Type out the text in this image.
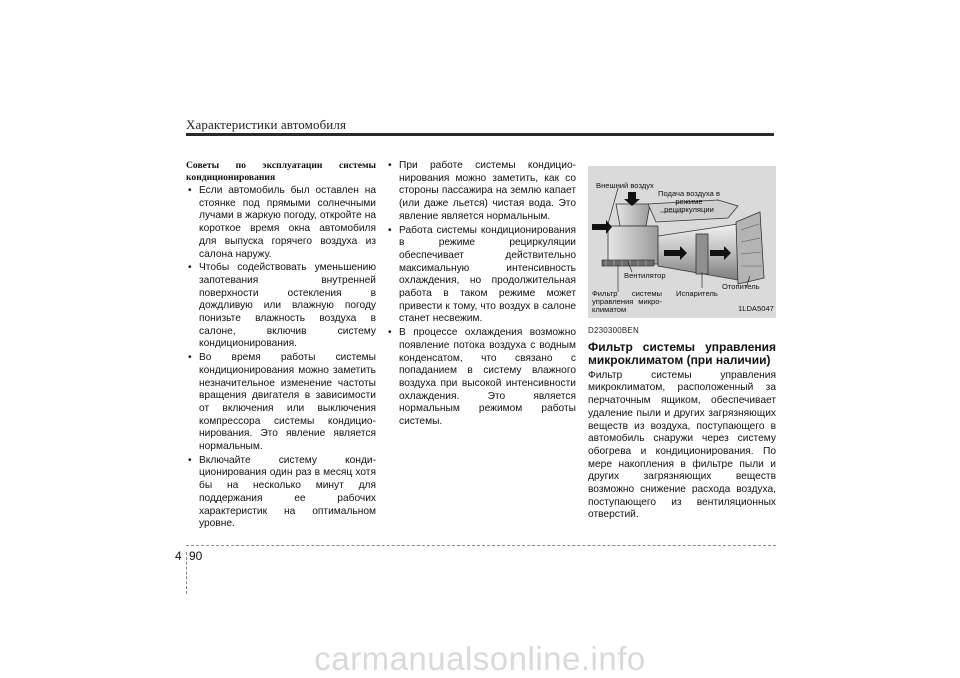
Характеристики автомобиля
Советы по эксплуатации системы кондиционирования
• Если автомобиль был оставлен на стоянке под прямыми солнечными лучами в жаркую погоду, откройте на короткое время окна автомобиля для выпуска горячего воздуха из салона наружу.
• Чтобы содействовать уменьшению запотевания внутренней поверхности остекления в дождливую или влажную погоду понизьте влажность воздуха в салоне, включив систему кондиционирования.
• Во время работы системы кондиционирования можно заметить незначительное изменение частоты вращения двигателя в зависимости от включения или выключения компрессора системы кондицио-нирования. Это явление является нормальным.
• Включайте систему конди-ционирования один раз в месяц хотя бы на несколько минут для поддержания ее рабочих характеристик на оптимальном уровне.
• При работе системы кондицио-нирования можно заметить, как со стороны пассажира на землю капает (или даже льется) чистая вода. Это явление является нормальным.
• Работа системы кондиционирования в режиме рециркуляции обеспечивает действительно максимальную интенсивность охлаждения, но продолжительная работа в таком режиме может привести к тому, что воздух в салоне станет несвежим.
• В процессе охлаждения возможно появление потока воздуха с водным конденсатом, что связано с попаданием в систему влажного воздуха при высокой интенсивности охлаждения. Это является нормальным режимом работы системы.
Внешний воздух
Подача воздуха в режиме рециркуляции
Вентилятор
Фильтр системы управления микро-климатом
Испаритель
Отопитель
1LDA5047
D230300BEN
Фильтр системы управления микроклиматом (при наличии)

Фильтр системы управления микроклиматом, расположенный за перчаточным ящиком, обеспечивает удаление пыли и других загрязняющих веществ из воздуха, поступающего в автомобиль снаружи через систему обогрева и кондиционирования. По мере накопления в фильтре пыли и других загрязняющих веществ возможно снижение расхода воздуха, поступающего из вентиляционных отверстий.

4 90
carmanualsonline.info
